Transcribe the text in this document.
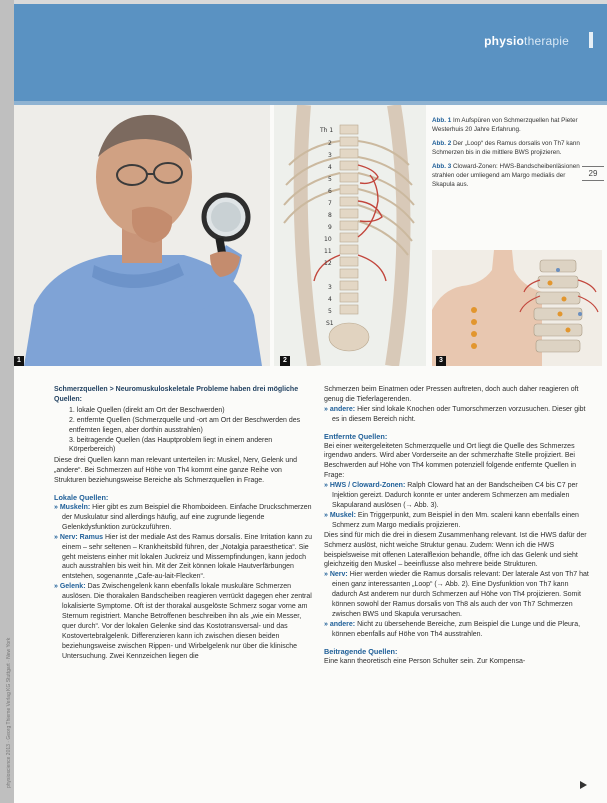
physiotherapie
1
Th 1
2
3
4
5
6
7
8
9
10
11
12
3
4
5
S1
2

Abb. 1 Im Aufspüren von Schmerzquellen hat Pieter Westerhuis 20 Jahre Erfahrung.

Abb. 2 Der „Loop“ des Ramus dorsalis von Th7 kann Schmerzen bis in die mittlere BWS projizieren.

Abb. 3 Cloward-Zonen: HWS-Bandscheibenläsionen strahlen oder umliegend am Margo medialis der Skapula aus.

29
3

Schmerzquellen > Neuromuskuloskeletale Probleme haben drei mögliche Quellen:

1. lokale Quellen (direkt am Ort der Beschwerden)
2. entfernte Quellen (Schmerzquelle und -ort am Ort der Beschwerden des entfernten liegen, aber dorthin ausstrahlen)
3. beitragende Quellen (das Hauptproblem liegt in einem anderen Körperbereich)

Diese drei Quellen kann man relevant unterteilen in: Muskel, Nerv, Gelenk und „andere“. Bei Schmerzen auf Höhe von Th4 kommt eine ganze Reihe von Strukturen beziehungsweise Bereiche als Schmerzquellen in Frage.

Lokale Quellen:

» Muskeln: Hier gibt es zum Beispiel die Rhomboideen. Einfache Druckschmerzen der Muskulatur sind allerdings häufig, auf eine zugrunde liegende Gelenkdysfunktion zurückzuführen.

» Nerv: Ramus Hier ist der mediale Ast des Ramus dorsalis. Eine Irritation kann zu einem – sehr seltenen – Krankheitsbild führen, der „Notalgia paraesthetica“. Sie geht meistens einher mit lokalen Juckreiz und Missempfindungen, kann jedoch auch ausstrahlen bis weit hin. Mit der Zeit können lokale Hautverfärbungen entstehen, sogenannte „Cafe-au-lait-Flecken“.

» Gelenk: Das Zwischengelenk kann ebenfalls lokale muskuläre Schmerzen auslösen. Die thorakalen Bandscheiben reagieren verrückt dagegen eher zentral lokalisierte Symptome. Oft ist der thorakal ausgelöste Schmerz sogar vorne am Sternum registriert. Manche Betroffenen beschreiben ihn als „wie ein Messer, quer durch“. Vor der lokalen Gelenke sind das Kostotransversal- und das Kostovertebralgelenk. Differenzieren kann ich zwischen diesen beiden beziehungsweise zwischen Rippen- und Wirbelgelenk nur über die klinische Untersuchung. Zwei Kennzeichen liegen die

Schmerzen beim Einatmen oder Pressen auftreten, doch auch daher reagieren oft genug die Tieferlagerenden.

» andere: Hier sind lokale Knochen oder Tumorschmerzen vorzusuchen. Dieser gibt es in diesem Bereich nicht.

Entfernte Quellen:

Bei einer weitergeleiteten Schmerzquelle und Ort liegt die Quelle des Schmerzes irgendwo anders. Wird aber Vorderseite an der schmerzhafte Stelle projiziert. Bei Beschwerden auf Höhe von Th4 kommen potenziell folgende entfernte Quellen in Frage:

» HWS / Cloward-Zonen: Ralph Cloward hat an der Bandscheiben C4 bis C7 per Injektion gereizt. Dadurch konnte er unter anderem Schmerzen am medialen Skapularand auslösen (→ Abb. 3).

» Muskel: Ein Triggerpunkt, zum Beispiel in den Mm. scaleni kann ebenfalls einen Schmerz zum Margo medialis projizieren.

Dies sind für mich die drei in diesem Zusammenhang relevant. Ist die HWS dafür der Schmerz auslöst, nicht weiche Struktur genau. Zudem: Wenn ich die HWS beispielsweise mit offenen Lateralflexion behandle, öffne ich das Gelenk und sieht gleichzeitig den Muskel – beeinflusse also mehrere beide Strukturen.

» Nerv: Hier werden wieder die Ramus dorsalis relevant: Der laterale Ast von Th7 hat einen ganz interessanten „Loop“ (→ Abb. 2). Eine Dysfunktion von Th7 kann dadurch Ast anderem nur durch Schmerzen auf Höhe von Th4 projizieren. Somit können sowohl der Ramus dorsalis von Th8 als auch der von Th7 Schmerzen zwischen BWS und Skapula verursachen.

» andere: Nicht zu übersehende Bereiche, zum Beispiel die Lunge und die Pleura, können ebenfalls auf Höhe von Th4 ausstrahlen.

Beitragende Quellen:

Eine kann theoretisch eine Person Schulter sein. Zur Kompensa-

physioscience 2013 · Georg Thieme Verlag KG Stuttgart · New York
